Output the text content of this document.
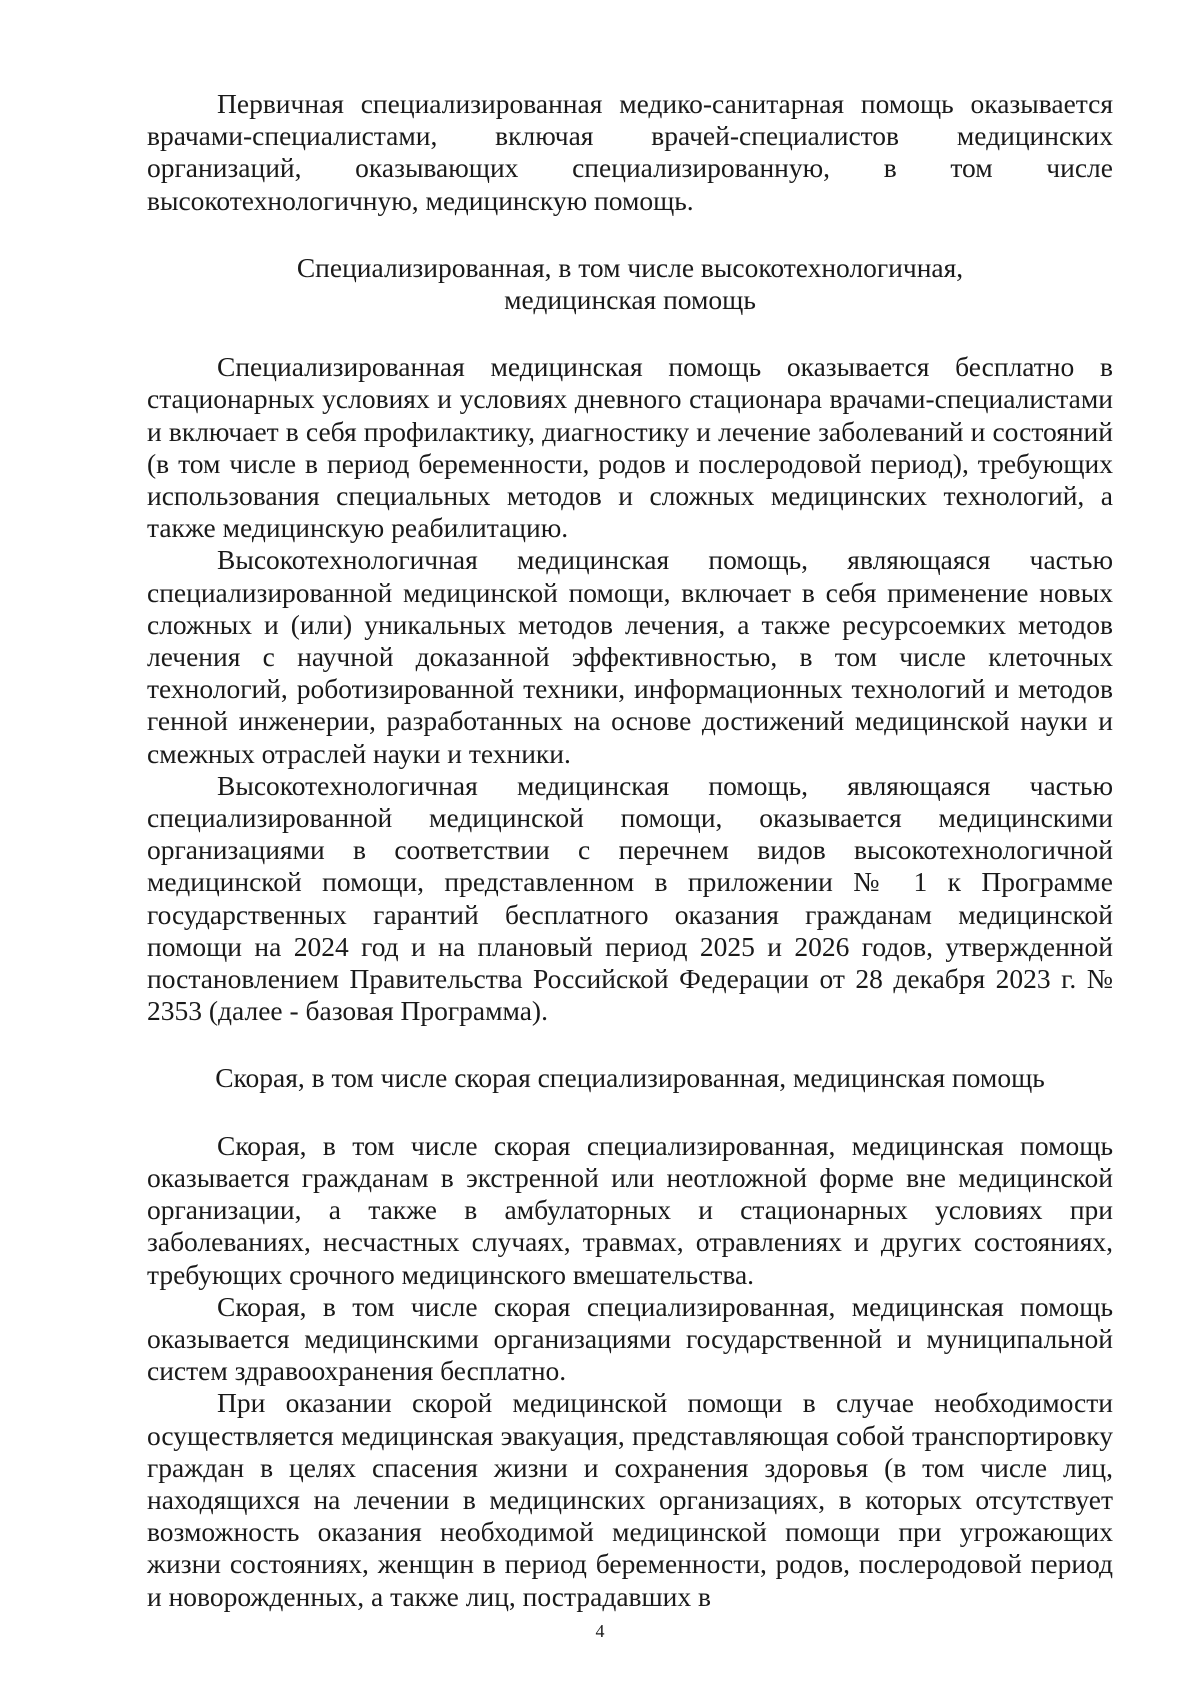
Первичная специализированная медико-санитарная помощь оказывается врачами-специалистами, включая врачей-специалистов медицинских организаций, оказывающих специализированную, в том числе высокотехнологичную, медицинскую помощь.

Специализированная, в том числе высокотехнологичная,

медицинская помощь

Специализированная медицинская помощь оказывается бесплатно в стационарных условиях и условиях дневного стационара врачами-специалистами и включает в себя профилактику, диагностику и лечение заболеваний и состояний (в том числе в период беременности, родов и послеродовой период), требующих использования специальных методов и сложных медицинских технологий, а также медицинскую реабилитацию.

Высокотехнологичная медицинская помощь, являющаяся частью специализированной медицинской помощи, включает в себя применение новых сложных и (или) уникальных методов лечения, а также ресурсоемких методов лечения с научной доказанной эффективностью, в том числе клеточных технологий, роботизированной техники, информационных технологий и методов генной инженерии, разработанных на основе достижений медицинской науки и смежных отраслей науки и техники.

Высокотехнологичная медицинская помощь, являющаяся частью специализированной медицинской помощи, оказывается медицинскими организациями в соответствии с перечнем видов высокотехнологичной медицинской помощи, представленном в приложении № 1 к Программе государственных гарантий бесплатного оказания гражданам медицинской помощи на 2024 год и на плановый период 2025 и 2026 годов, утвержденной постановлением Правительства Российской Федерации от 28 декабря 2023 г. № 2353 (далее - базовая Программа).

Скорая, в том числе скорая специализированная, медицинская помощь

Скорая, в том числе скорая специализированная, медицинская помощь оказывается гражданам в экстренной или неотложной форме вне медицинской организации, а также в амбулаторных и стационарных условиях при заболеваниях, несчастных случаях, травмах, отравлениях и других состояниях, требующих срочного медицинского вмешательства.

Скорая, в том числе скорая специализированная, медицинская помощь оказывается медицинскими организациями государственной и муниципальной систем здравоохранения бесплатно.

При оказании скорой медицинской помощи в случае необходимости осуществляется медицинская эвакуация, представляющая собой транспортировку граждан в целях спасения жизни и сохранения здоровья (в том числе лиц, находящихся на лечении в медицинских организациях, в которых отсутствует возможность оказания необходимой медицинской помощи при угрожающих жизни состояниях, женщин в период беременности, родов, послеродовой период и новорожденных, а также лиц, пострадавших в

4
